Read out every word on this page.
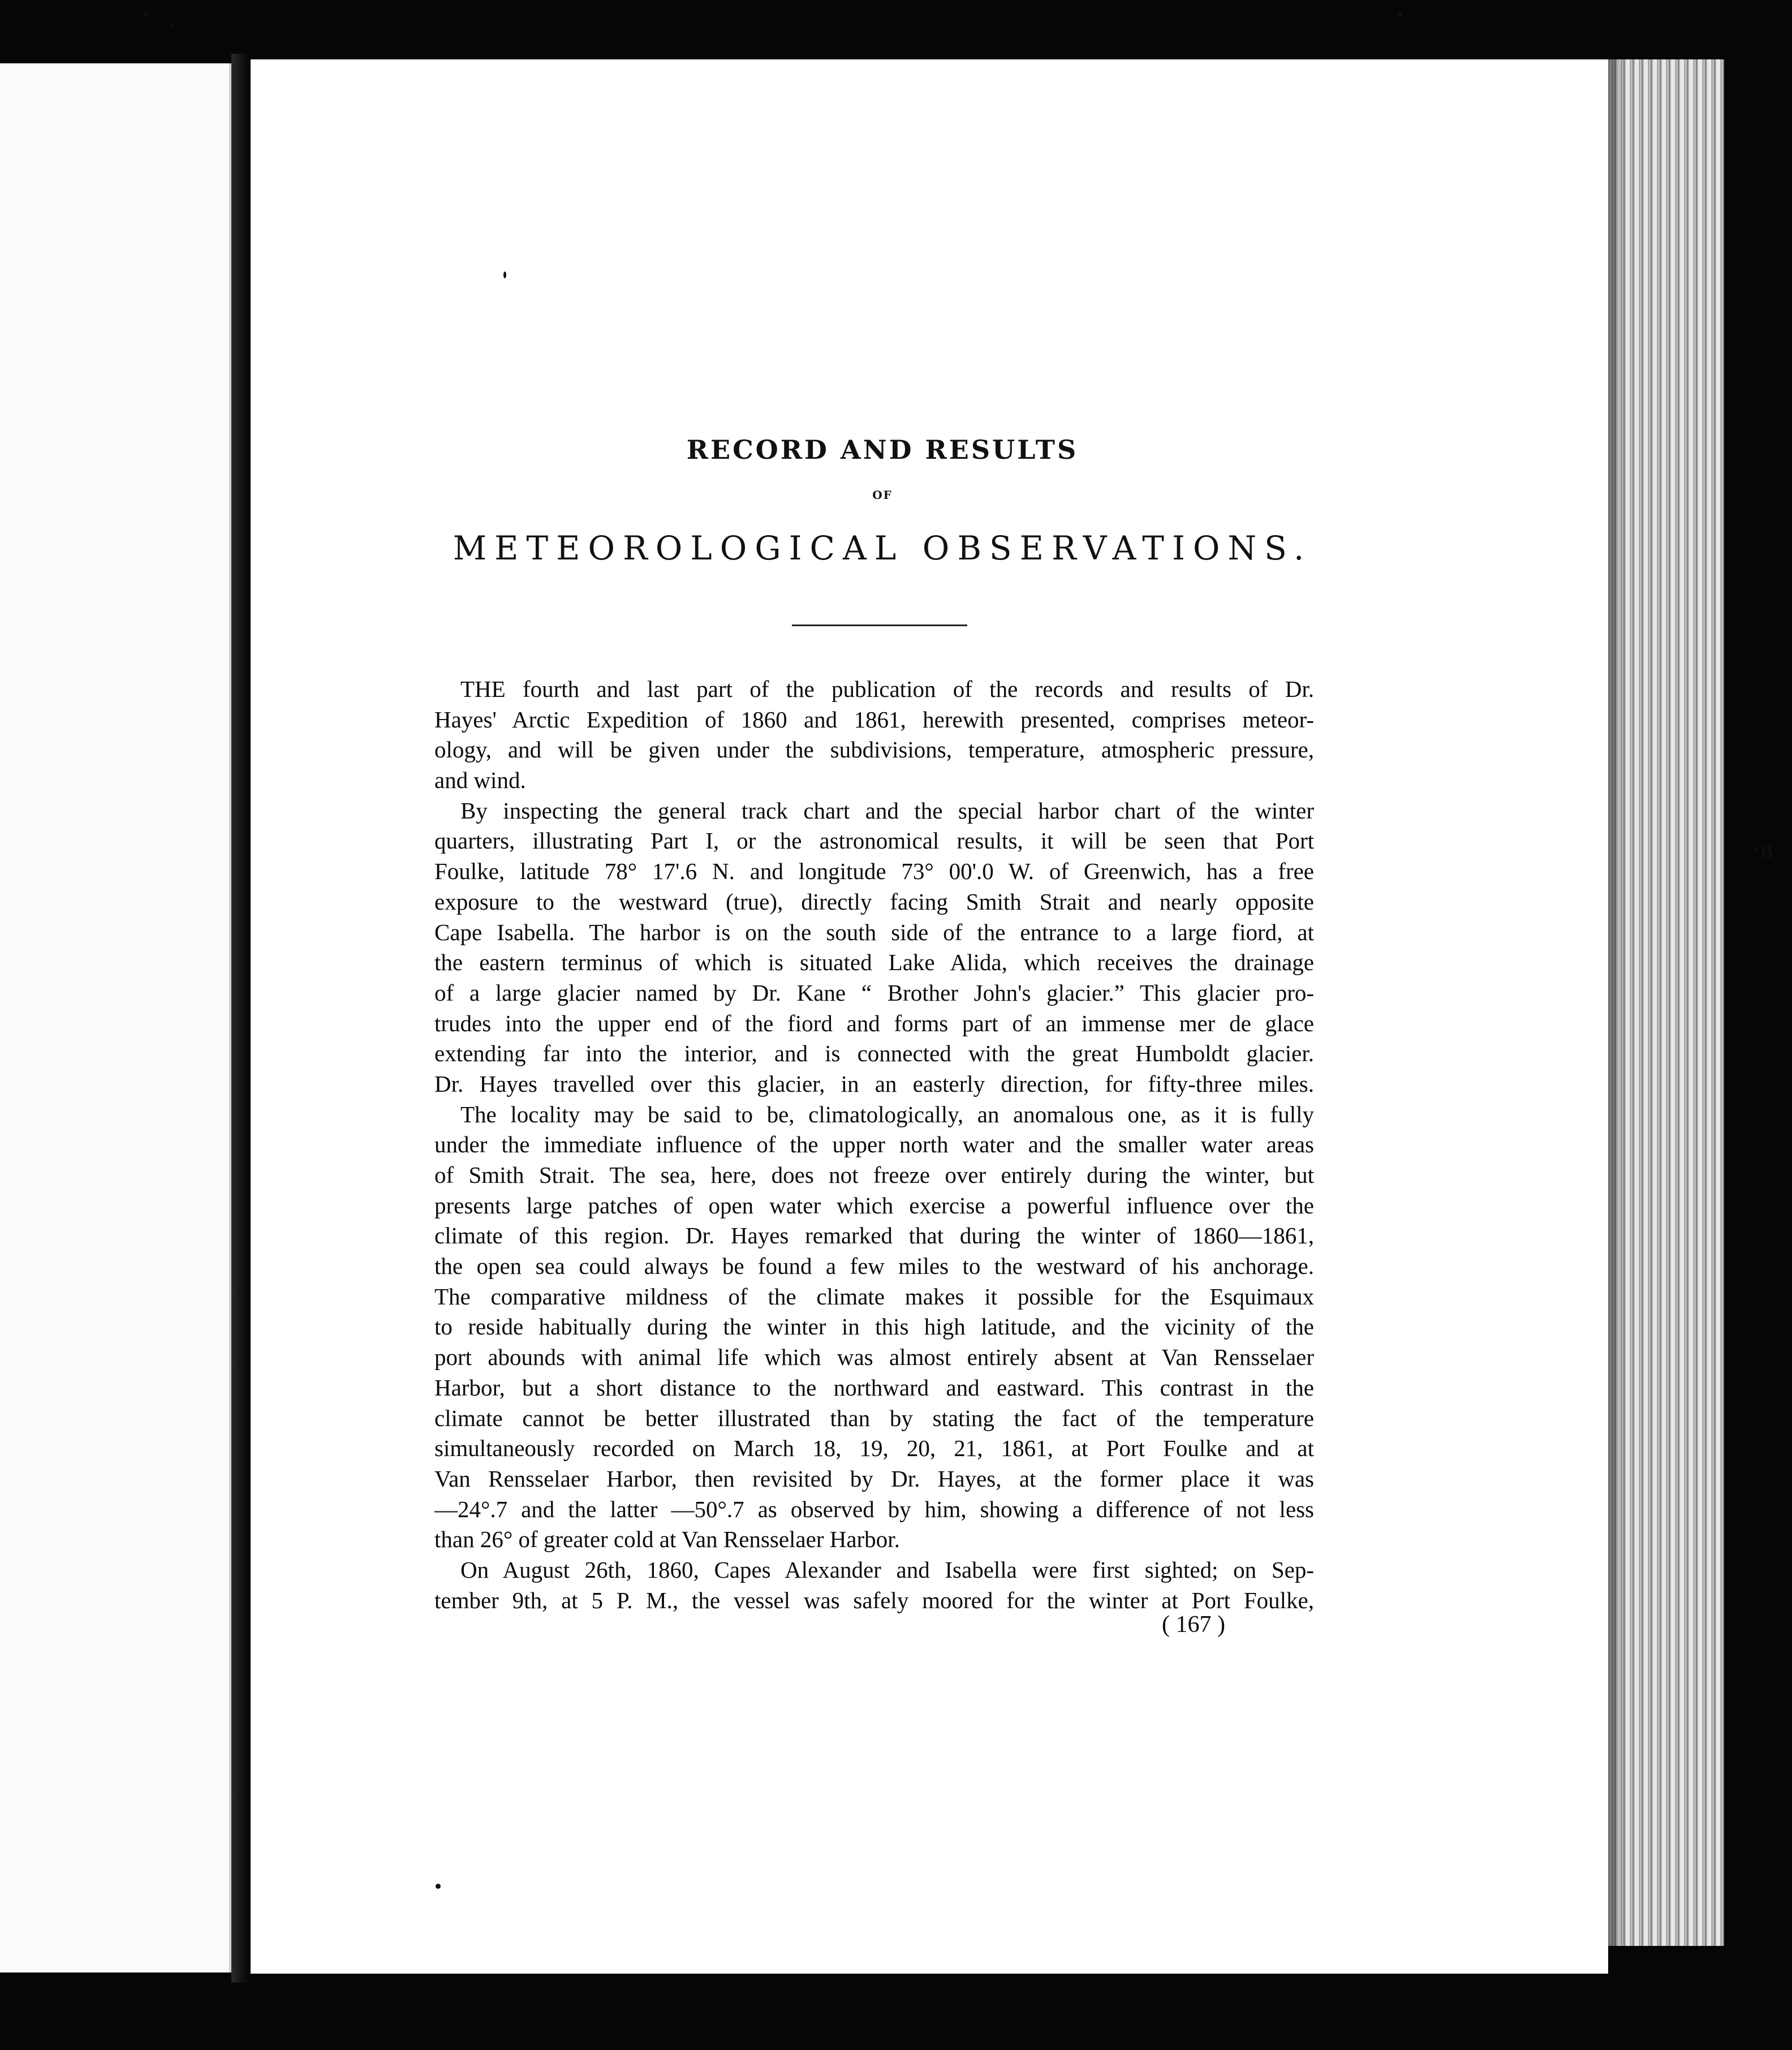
RECORD AND RESULTS
OF
METEOROLOGICAL OBSERVATIONS.
THE fourth and last part of the publication of the records and results of Dr.
Hayes' Arctic Expedition of 1860 and 1861, herewith presented, comprises meteor-
ology, and will be given under the subdivisions, temperature, atmospheric pressure,
and wind.
By inspecting the general track chart and the special harbor chart of the winter
quarters, illustrating Part I, or the astronomical results, it will be seen that Port
Foulke, latitude 78° 17'.6 N. and longitude 73° 00'.0 W. of Greenwich, has a free
exposure to the westward (true), directly facing Smith Strait and nearly opposite
Cape Isabella. The harbor is on the south side of the entrance to a large fiord, at
the eastern terminus of which is situated Lake Alida, which receives the drainage
of a large glacier named by Dr. Kane “ Brother John's glacier.” This glacier pro-
trudes into the upper end of the fiord and forms part of an immense mer de glace
extending far into the interior, and is connected with the great Humboldt glacier.
Dr. Hayes travelled over this glacier, in an easterly direction, for fifty-three miles.
The locality may be said to be, climatologically, an anomalous one, as it is fully
under the immediate influence of the upper north water and the smaller water areas
of Smith Strait. The sea, here, does not freeze over entirely during the winter, but
presents large patches of open water which exercise a powerful influence over the
climate of this region. Dr. Hayes remarked that during the winter of 1860—1861,
the open sea could always be found a few miles to the westward of his anchorage.
The comparative mildness of the climate makes it possible for the Esquimaux
to reside habitually during the winter in this high latitude, and the vicinity of the
port abounds with animal life which was almost entirely absent at Van Rensselaer
Harbor, but a short distance to the northward and eastward. This contrast in the
climate cannot be better illustrated than by stating the fact of the temperature
simultaneously recorded on March 18, 19, 20, 21, 1861, at Port Foulke and at
Van Rensselaer Harbor, then revisited by Dr. Hayes, at the former place it was
—24°.7 and the latter —50°.7 as observed by him, showing a difference of not less
than 26° of greater cold at Van Rensselaer Harbor.
On August 26th, 1860, Capes Alexander and Isabella were first sighted; on Sep-
tember 9th, at 5 P. M., the vessel was safely moored for the winter at Port Foulke,
( 167 )
‘B
